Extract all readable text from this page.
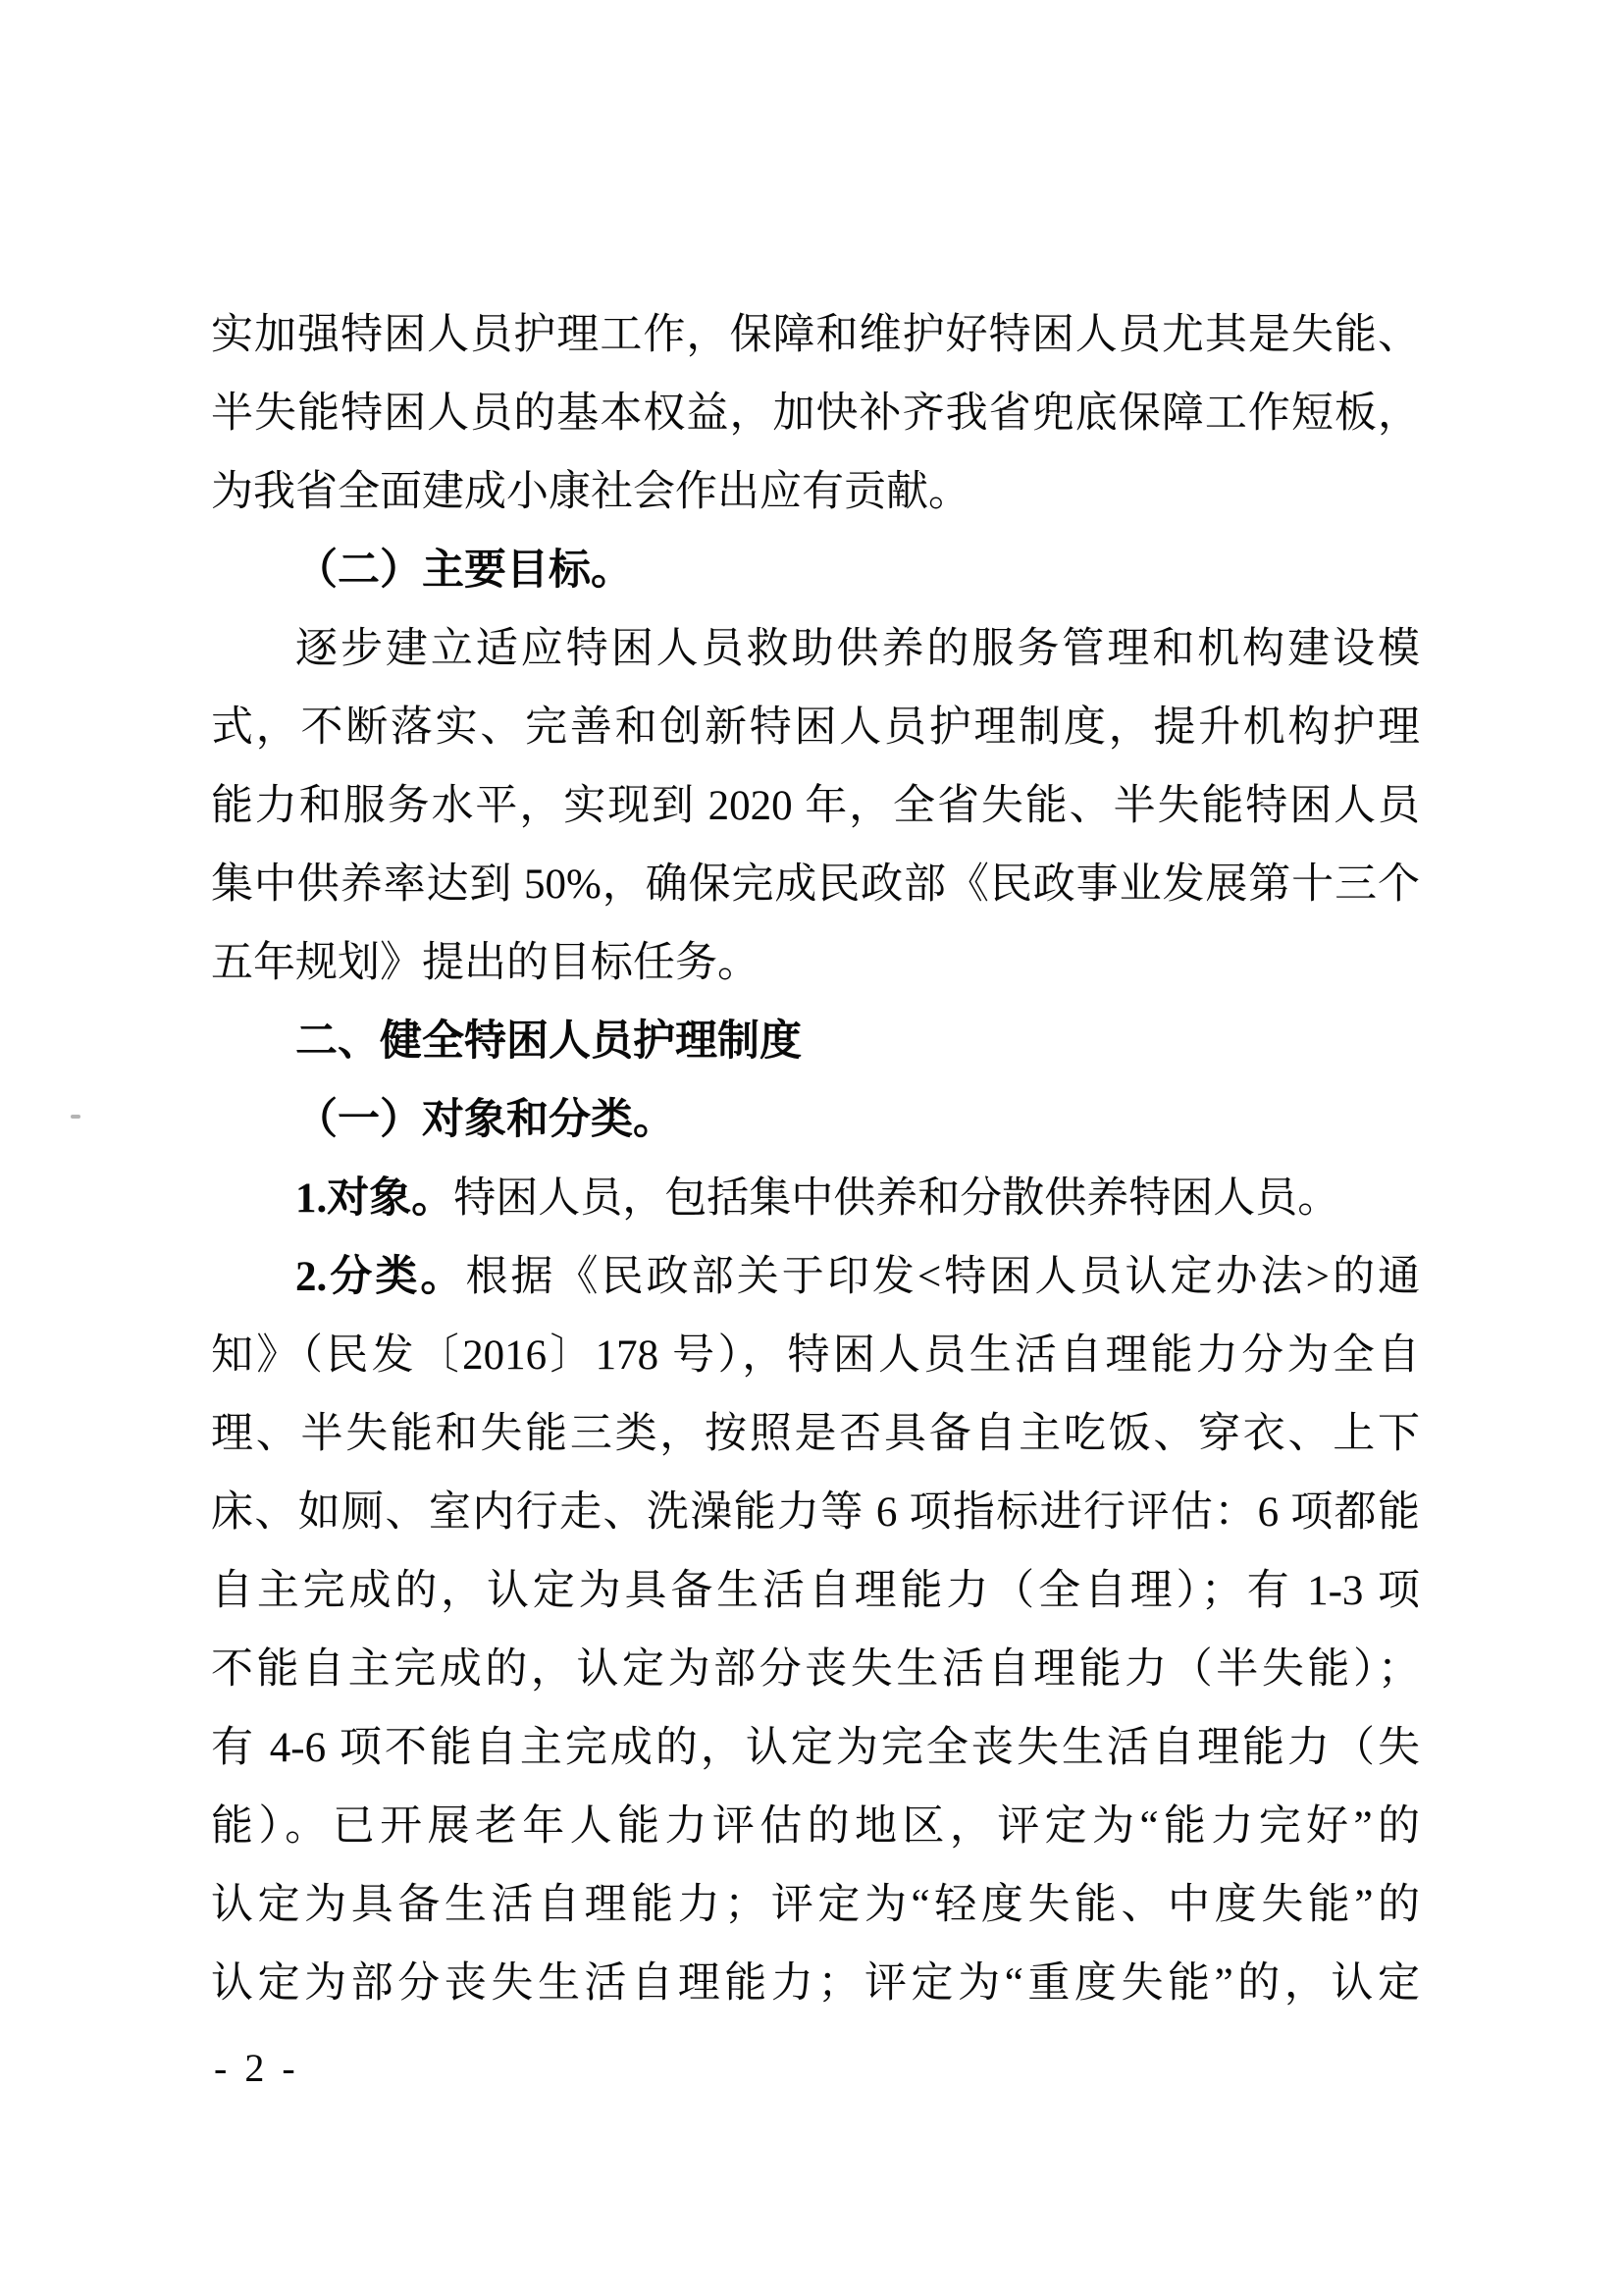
实加强特困人员护理工作，保障和维护好特困人员尤其是失能、
半失能特困人员的基本权益，加快补齐我省兜底保障工作短板，
为我省全面建成小康社会作出应有贡献。
（二）主要目标。
逐步建立适应特困人员救助供养的服务管理和机构建设模
式，不断落实、完善和创新特困人员护理制度，提升机构护理
能力和服务水平，实现到 2020 年，全省失能、半失能特困人员
集中供养率达到 50%，确保完成民政部《民政事业发展第十三个
五年规划》提出的目标任务。
二、健全特困人员护理制度
（一）对象和分类。
1.对象。特困人员，包括集中供养和分散供养特困人员。
2.分类。根据《民政部关于印发<特困人员认定办法>的通
知》（民发〔2016〕178 号），特困人员生活自理能力分为全自
理、半失能和失能三类，按照是否具备自主吃饭、穿衣、上下
床、如厕、室内行走、洗澡能力等 6 项指标进行评估：6 项都能
自主完成的，认定为具备生活自理能力（全自理）；有 1-3 项
不能自主完成的，认定为部分丧失生活自理能力（半失能）；
有 4-6 项不能自主完成的，认定为完全丧失生活自理能力（失
能）。已开展老年人能力评估的地区，评定为“能力完好”的
认定为具备生活自理能力；评定为“轻度失能、中度失能”的
认定为部分丧失生活自理能力；评定为“重度失能”的，认定
- 2 -
